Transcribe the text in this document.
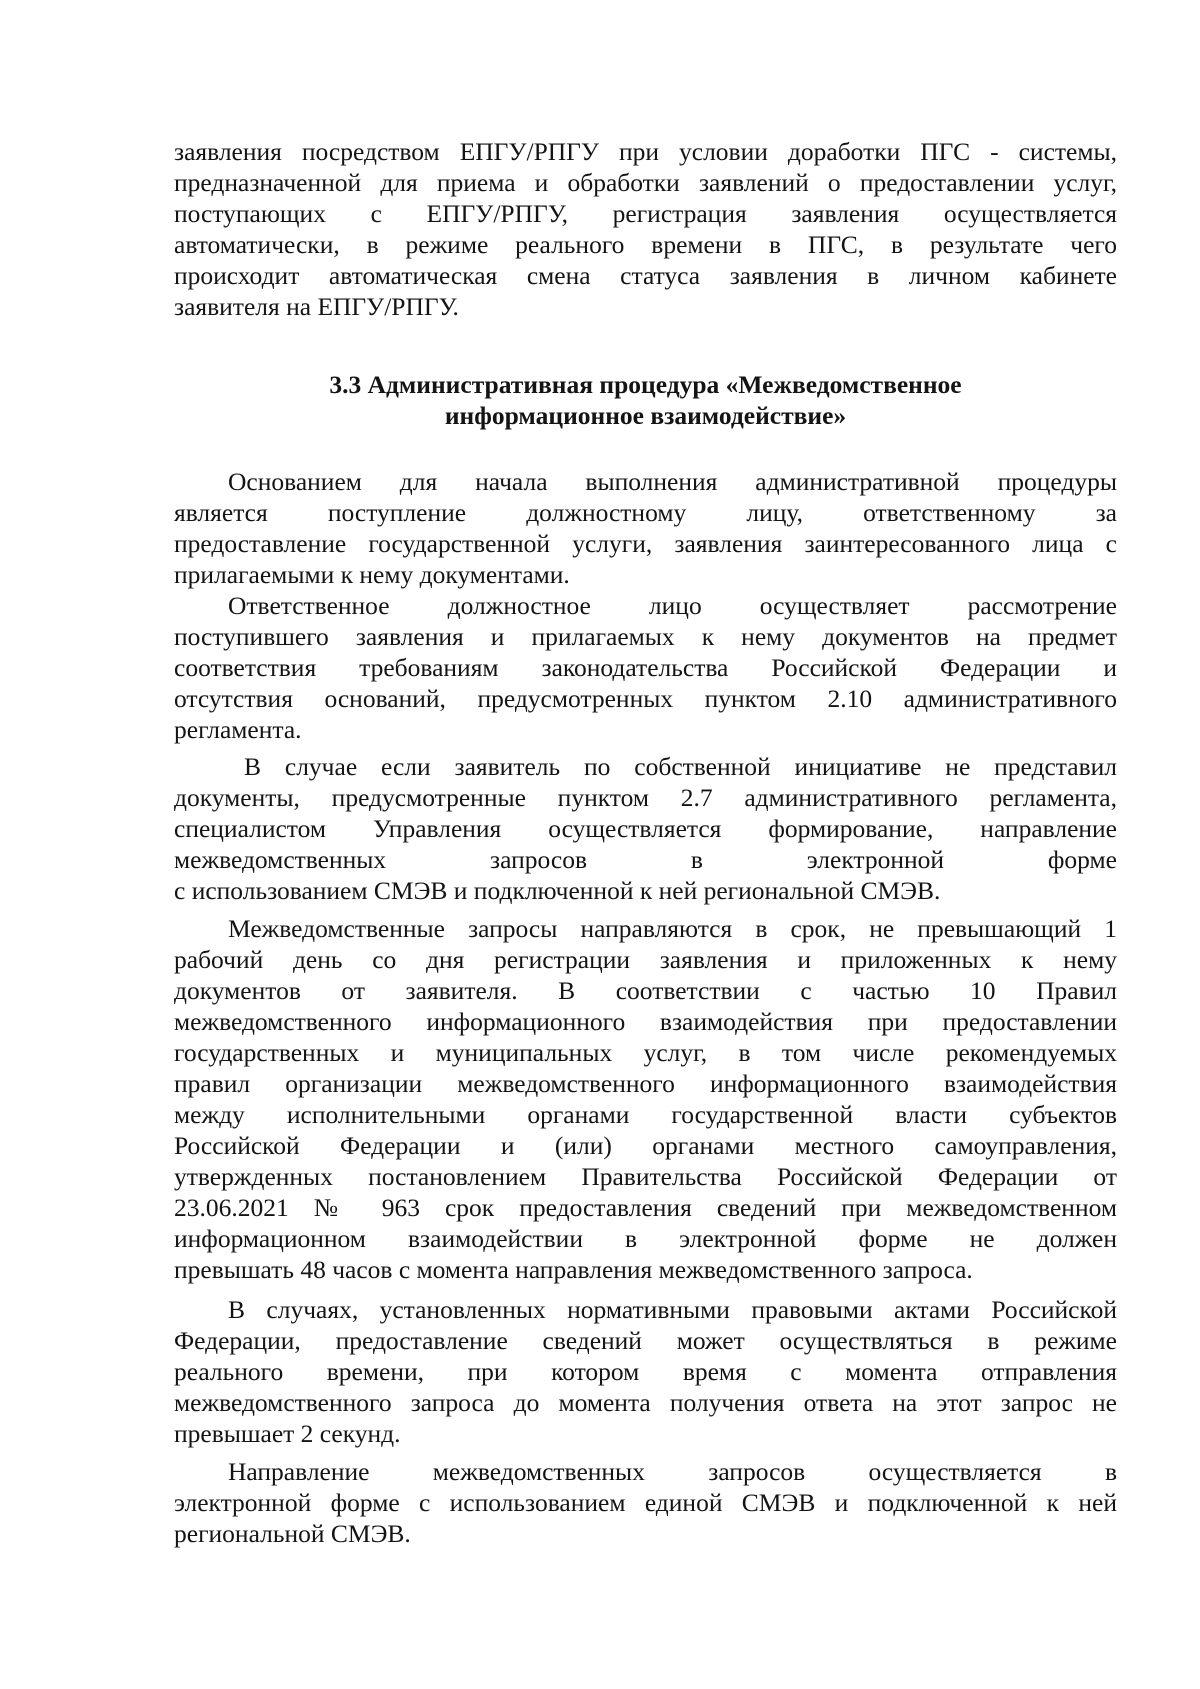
заявления посредством ЕПГУ/РПГУ при условии доработки ПГС - системы,
предназначенной для приема и обработки заявлений о предоставлении услуг,
поступающих с ЕПГУ/РПГУ, регистрация заявления осуществляется
автоматически, в режиме реального времени в ПГС, в результате чего
происходит автоматическая смена статуса заявления в личном кабинете
заявителя на ЕПГУ/РПГУ.
3.3 Административная процедура «Межведомственное
информационное взаимодействие»
Основанием для начала выполнения административной процедуры
является поступление должностному лицу, ответственному за
предоставление государственной услуги, заявления заинтересованного лица с
прилагаемыми к нему документами.
Ответственное должностное лицо осуществляет рассмотрение
поступившего заявления и прилагаемых к нему документов на предмет
соответствия требованиям законодательства Российской Федерации и
отсутствия оснований, предусмотренных пунктом 2.10 административного
регламента.
В случае если заявитель по собственной инициативе не представил
документы, предусмотренные пунктом 2.7 административного регламента,
специалистом Управления осуществляется формирование, направление
межведомственных запросов в электронной форме
с использованием СМЭВ и подключенной к ней региональной СМЭВ.
Межведомственные запросы направляются в срок, не превышающий 1
рабочий день со дня регистрации заявления и приложенных к нему
документов от заявителя. В соответствии с частью 10 Правил
межведомственного информационного взаимодействия при предоставлении
государственных и муниципальных услуг, в том числе рекомендуемых
правил организации межведомственного информационного взаимодействия
между исполнительными органами государственной власти субъектов
Российской Федерации и (или) органами местного самоуправления,
утвержденных постановлением Правительства Российской Федерации от
23.06.2021 № 963 срок предоставления сведений при межведомственном
информационном взаимодействии в электронной форме не должен
превышать 48 часов с момента направления межведомственного запроса.
В случаях, установленных нормативными правовыми актами Российской
Федерации, предоставление сведений может осуществляться в режиме
реального времени, при котором время с момента отправления
межведомственного запроса до момента получения ответа на этот запрос не
превышает 2 секунд.
Направление межведомственных запросов осуществляется в
электронной форме с использованием единой СМЭВ и подключенной к ней
региональной СМЭВ.
